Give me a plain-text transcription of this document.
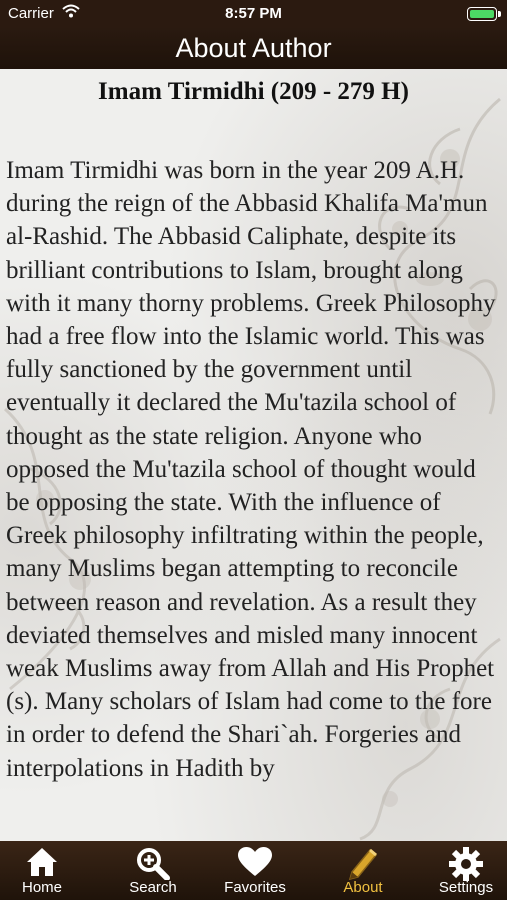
Carrier	8:57 PM
About Author
Imam Tirmidhi (209 - 279 H)

Imam Tirmidhi was born in the year 209 A.H. during the reign of the Abbasid Khalifa Ma'mun al-Rashid. The Abbasid Caliphate, despite its brilliant contributions to Islam, brought along with it many thorny problems. Greek Philosophy had a free flow into the Islamic world. This was fully sanctioned by the government until eventually it declared the Mu'tazila school of thought as the state religion. Anyone who opposed the Mu'tazila school of thought would be opposing the state. With the influence of Greek philosophy infiltrating within the people, many Muslims began attempting to reconcile between reason and revelation. As a result they deviated themselves and misled many innocent weak Muslims away from Allah and His Prophet (s). Many scholars of Islam had come to the fore in order to defend the Shari`ah. Forgeries and interpolations in Hadith by

Home	Search	Favorites	About	Settings
